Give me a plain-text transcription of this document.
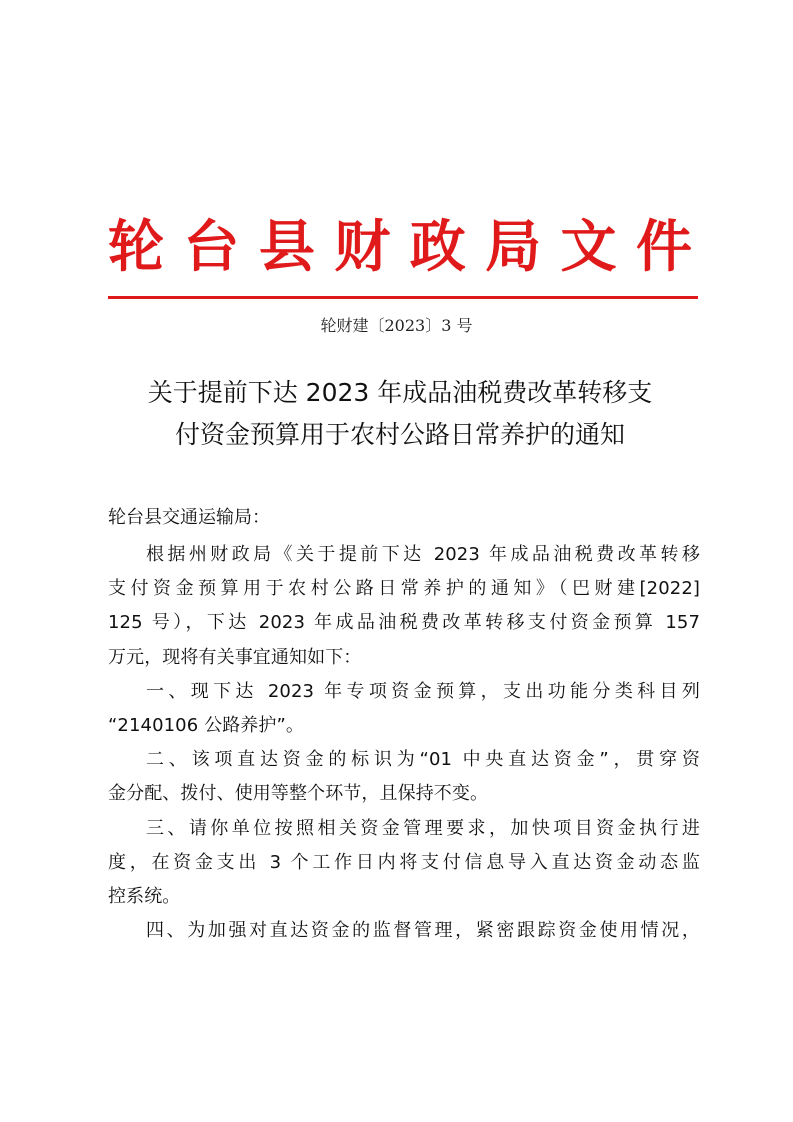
轮 台 县 财 政 局 文 件
轮财建〔2023〕3 号
关于提前下达 2023 年成品油税费改革转移支
付资金预算用于农村公路日常养护的通知
轮台县交通运输局：
根据州财政局《关于提前下达 2023 年成品油税费改革转移
支付资金预算用于农村公路日常养护的通知》（巴财建[2022]
125 号），下达 2023 年成品油税费改革转移支付资金预算 157
万元，现将有关事宜通知如下：
一、现下达 2023 年专项资金预算，支出功能分类科目列
“2140106 公路养护”。
二、该项直达资金的标识为“01 中央直达资金”，贯穿资
金分配、拨付、使用等整个环节，且保持不变。
三、请你单位按照相关资金管理要求，加快项目资金执行进
度，在资金支出 3 个工作日内将支付信息导入直达资金动态监
控系统。
四、为加强对直达资金的监督管理，紧密跟踪资金使用情况，
